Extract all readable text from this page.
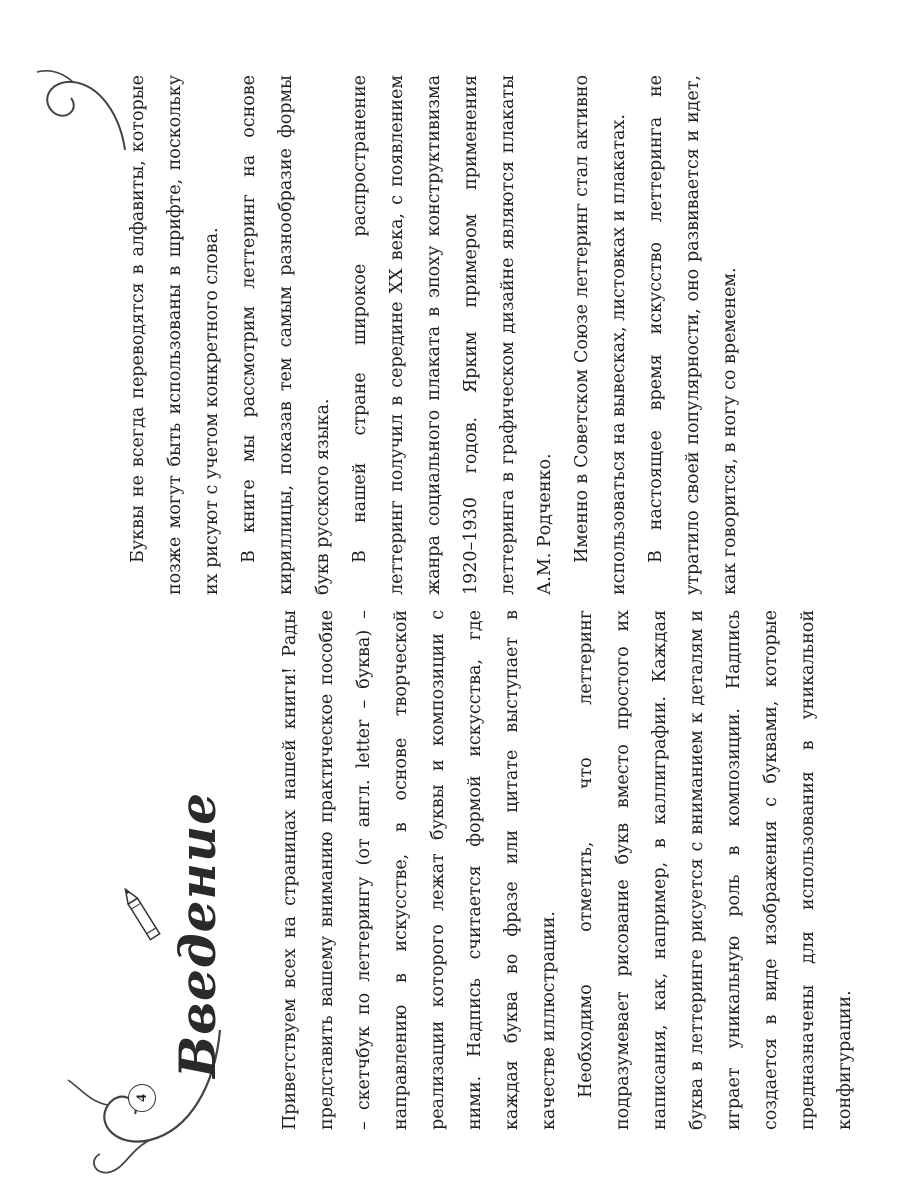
4
Введение	Приветствуем всех на страницах нашей книги! Рады представить вашему вниманию практическое пособие – скетчбук по леттерингу (от англ. letter – буква) – направлению в искусстве, в основе творческой реализации которого лежат буквы и композиции с ними. Надпись считается формой искусства, где каждая буква во фразе или цитате выступает в качестве иллюстрации. Необходимо отметить, что леттеринг подразумевает рисование букв вместо простого их написания, как, например, в каллиграфии. Каждая буква в леттеринге рисуется с вниманием к деталям и играет уникальную роль в композиции. Надпись создается в виде изображения с буквами, которые предназначены для использования в уникальной конфигурации.

Буквы не всегда переводятся в алфавиты, которые позже могут быть использованы в шрифте, поскольку их рисуют с учетом конкретного слова. В книге мы рассмотрим леттеринг на основе кириллицы, показав тем самым разнообразие формы букв русского языка. В нашей стране широкое распространение леттеринг получил в середине XX века, с появлением жанра социального плаката в эпоху конструктивизма 1920–1930 годов. Ярким примером применения леттеринга в графическом дизайне являются плакаты А.М. Родченко. Именно в Советском Союзе леттеринг стал активно использоваться на вывесках, листовках и плакатах. В настоящее время искусство леттеринга не утратило своей популярности, оно развивается и идет, как говорится, в ногу со временем.
